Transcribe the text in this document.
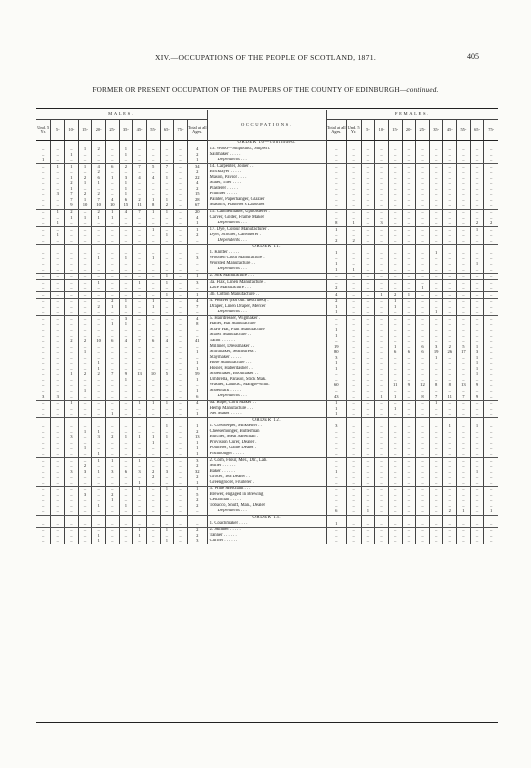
XIV.—OCCUPATIONS OF THE PEOPLE OF SCOTLAND, 1871.	405
FORMER OR PRESENT OCCUPATION OF THE PAUPERS OF THE COUNTY OF EDINBURGH—continued.
MALES.												OCCUPATIONS.	FEMALES.											
Und. 5 Yr.	5-	10-	15-	20-	25-	35-	45-	55-	65-	75-	Total at all Ages.		Total at all Ages.	Und. 5 Yr.	5-	10-	15-	20-	25-	35-	45-	55-	65-	75-
												ORDER 10—continued.												
–	–	–	1	2	–	1	–	–	–	–	4	13. Wood—Shipbuild., Shipwri.	–	–	–	–	–	–	–	–	–	–	–	–
–	–	1	–	–	–	1	–	–	–	–	2	Sailmaker . . . . .	–	–	–	–	–	–	–	–	–	–	–	–
1	–	–	–	–	–	–	–	–	–	–	1	Dependents . . .	–	–	–	–	–	–	–	–	–	–	–	–
–	1	1	1	4	6	2	7	5	7	–	34	14. Carpenter, Joiner . .	–	–	–	–	–	–	–	–	–	–	–	–
–	–	–	–	2	–	–	–	–	–	–	2	Bricklayer . . . . .	–	–	–	–	–	–	–	–	–	–	–	–
–	–	1	2	6	1	3	4	4	1	–	22	Mason, Pavior . . . .	–	–	–	–	–	–	–	–	–	–	–	–
–	–	2	1	1	–	1	–	–	–	–	4	Slater, Tiler . . . .	–	–	–	–	–	–	–	–	–	–	–	–
–	–	1	–	–	–	1	–	–	–	–	2	Plasterer . . . . .	–	–	–	–	–	–	–	–	–	–	–	–
–	3	7	2	2	–	1	–	–	–	–	15	Plumber . . . . .	–	–	–	–	–	–	–	–	–	–	–	–
–	–	7	1	7	4	6	2	1	1	–	28	Painter, Paperhanger, Glazier	–	–	–	–	–	–	–	–	–	–	–	–
–	–	9	10	10	10	15	11	8	2	–	67	Mason's, Plasterer's Labourer	–	–	–	–	–	–	–	–	–	–	–	–
–	1	2	–	2	1	4	7	1	1	–	20	15. Cabinetmaker, Upholsterer .	–	–	–	–	–	–	–	–	–	–	–	–
–	–	1	1	1	1	–	–	–	–	–	4	Carver, Gilder, Frame Maker	–	–	–	–	–	–	–	–	–	–	–	–
–	1	–	–	–	–	–	–	–	–	–	1	Dependents . . .	8	1	–	3	–	–	–	–	–	–	2	2
–	–	–	–	–	–	–	–	1	–	–	1	17. Dye, Colour Manufacturer .	1	–	–	–	–	–	–	–	–	–	1	–
–	1	–	–	–	–	–	–	–	1	–	2	Dyer, Scourer, Calenderer .	–	–	–	–	–	–	–	–	–	–	–	–
–	–	–	–	–	–	–	–	–	–	–	–	Dependents . . .	2	2	–	–	–	–	–	–	–	–	–	–
												ORDER 11.												
–	–	–	–	–	–	–	–	–	–	–	–	1. Knitter . . . . .	1	–	–	–	–	–	–	1	–	–	–	–
–	–	–	–	1	–	1	–	1	–	–	3	Woollen Cloth Manufacture .	–	–	–	–	–	–	–	–	–	–	–	–
–	–	–	–	–	–	–	–	–	–	–	–	Worsted Manufacture . .	1	–	–	–	–	–	–	–	–	–	1	–
–	–	–	–	–	–	–	–	–	–	–	–	Dependents . . .	1	1	–	–	–	–	–	–	–	–	–	–
–	–	–	–	–	–	–	–	–	1	–	1	2. Silk Manufacture . . .	–	–	–	–	–	–	–	–	–	–	–	–
–	–	–	–	1	–	–	1	–	1	–	3	3a. Flax, Linen Manufacture .	–	–	–	–	–	–	–	–	–	–	–	–
–	–	–	–	–	–	–	–	–	–	–	–	Lace Manufacture . . .	2	–	–	–	–	–	1	–	–	–	–	–
–	–	–	–	–	–	–	–	–	1	–	1	3b. Cotton Manufacture . .	4	–	–	1	2	1	–	–	–	–	–	–
–	–	–	–	–	2	1	–	1	–	–	4	4. Weaver (not oth. described) .	2	–	–	–	1	–	–	–	–	–	–	–
–	–	–	–	2	1	1	–	1	–	–	7	Draper, Linen Draper, Mercer	1	–	–	–	1	–	–	–	–	–	–	–
–	–	–	–	–	–	–	–	–	–	–	–	Dependents . . .	1	–	–	–	–	–	–	1	–	–	–	–
–	–	–	–	–	–	3	–	–	–	–	4	5. Hairdresser, Wigmaker .	–	–	–	–	–	–	–	–	–	–	–	–
–	–	–	–	–	1	1	–	–	–	–	8	Hatter, Hat Manufacture	–	–	–	–	–	–	–	–	–	–	–	–
–	–	–	–	–	–	–	–	–	–	–	–	Straw Hat, Plait Manufacture	1	–	–	–	–	–	–	–	–	–	–	–
–	–	–	–	–	–	–	–	–	–	–	–	Shawl Manufacture . .	1	–	–	–	–	–	–	–	–	–	–	–
–	–	2	2	10	6	4	7	6	4	–	41	Tailor . . . . . .	–	–	–	–	–	–	–	–	–	–	–	–
–	–	–	–	–	–	–	–	–	–	–	–	Milliner, Dressmaker . .	19	–	–	–	1	–	6	3	2	5	1	–
–	–	–	1	–	–	–	–	–	–	–	1	Shirtmaker, Seamstress .	80	–	–	–	6	6	6	19	26	17	3	–
–	–	–	–	–	–	–	–	–	–	–	–	Staymaker . . . . .	3	–	–	–	–	–	–	1	–	–	1	–
–	–	–	–	1	–	–	–	–	–	–	1	Hose Manufacture . . .	1	–	–	–	–	–	–	–	–	–	1	–
–	–	–	–	1	–	–	–	–	–	–	1	Hosier, Haberdasher . .	1	–	–	–	–	–	–	–	–	–	1	–
–	–	1	2	2	7	9	13	10	5	–	59	Shoemaker, Bootmaker . .	–	–	–	–	–	–	–	–	–	–	1	–
–	–	–	–	–	–	1	–	–	–	–	1	Umbrella, Parasol, Stick Mak.	–	–	–	–	–	–	–	–	–	–	–	–
–	–	–	–	–	–	–	–	–	–	–	–	Washer, Launds., Mangle-wmn.	60	–	–	–	11	9	12	8	8	13	9	–
–	–	–	1	–	–	–	–	–	–	–	1	Shoeblack . . . . .	–	–	–	–	–	–	–	–	–	–	–	–
3	3	–	–	–	–	–	–	–	–	–	6	Dependents . . .	43	–	–	1	1	–	8	7	11	7	9	–
–	–	1	–	–	–	–	1	1	1	–	4	6a. Rope, Cord Maker . .	1	–	–	–	–	–	–	1	–	–	–	–
–	–	–	–	–	–	–	–	–	–	–	–	Hemp Manufacture . . .	1	–	–	–	1	–	–	–	–	–	–	–
–	–	–	–	–	1	–	–	–	–	–	1	Net Maker . . . . .	1	–	–	–	–	–	–	–	–	–	–	–
												ORDER 12.												
–	–	–	–	–	–	–	–	–	1	–	1	1. Cowkeeper, Milkseller . .	3	–	–	–	–	–	–	–	1	–	1	–
–	–	–	1	1	–	–	–	–	–	–	2	Cheesemonger, Butterman	–	–	–	–	–	–	–	–	–	–	–	–
–	–	3	–	3	2	1	1	1	1	–	13	Butcher, Meat Salesman .	–	–	–	–	–	–	–	–	–	–	–	–
–	–	–	–	–	–	–	–	1	–	–	1	Provision Curer, Dealer .	–	–	–	–	–	–	–	–	–	–	–	–
–	–	–	1	–	–	–	–	–	–	–	1	Poulterer, Game Dealer .	–	–	–	–	–	–	–	–	–	–	–	–
–	–	–	–	1	–	–	–	–	–	–	1	Fishmonger . . . . .	–	–	–	–	–	–	–	–	–	–	–	–
–	–	–	–	1	1	–	1	–	–	–	3	2. Corn, Flour, Mer., Dlr., Lab.	–	–	–	–	–	–	–	–	–	–	–	–
–	–	–	2	–	–	–	–	–	–	–	2	Miller . . . . . .	–	–	–	–	–	–	–	–	–	–	–	–
–	–	3	3	1	3	6	3	2	3	–	32	Baker . . . . . .	1	–	–	–	–	–	–	–	–	–	1	–
–	–	–	–	–	–	–	–	2	–	–	2	Grocer, Tea Dealer . .	–	–	–	–	–	–	–	–	–	–	–	–
–	–	–	–	–	–	–	1	–	–	–	1	Greengrocer, Fruiterer .	–	–	–	–	–	–	–	–	–	–	–	–
–	–	–	–	–	–	–	1	–	1	–	1	3. Wine Merchant . . .	–	–	–	–	–	–	–	–	–	–	–	–
–	–	–	3	–	2	–	–	–	–	–	5	Brewer, engaged in Brewing	–	–	–	–	–	–	–	–	–	–	–	–
–	–	–	–	–	1	–	–	–	–	–	2	Cellarman . . . . .	–	–	–	–	–	–	–	–	–	–	–	–
–	–	–	–	1	–	1	–	–	–	–	2	Tobacco, Snuff, Man., Dealer	–	–	–	–	–	–	–	–	–	–	–	–
–	–	–	–	–	–	–	–	–	–	–	–	Dependents . . .	6	–	1	–	–	–	–	–	2	1	–	1
												ORDER 13.												
–	–	–	–	–	–	–	–	–	–	–	–	1. Coachmaker . . . .	1	–	–	–	–	–	–	–	–	–	–	–
–	–	–	–	–	–	–	1	–	1	–	2	2. Skinner . . . . .	–	–	–	–	–	–	–	–	–	–	–	–
–	–	–	–	1	–	–	1	–	–	–	2	Tanner . . . . . .	–	–	–	–	–	–	–	–	–	–	–	–
–	–	–	–	1	–	–	–	–	1	–	3	Currier . . . . . .	–	–	–	–	–	–	–	–	–	–	–	–
